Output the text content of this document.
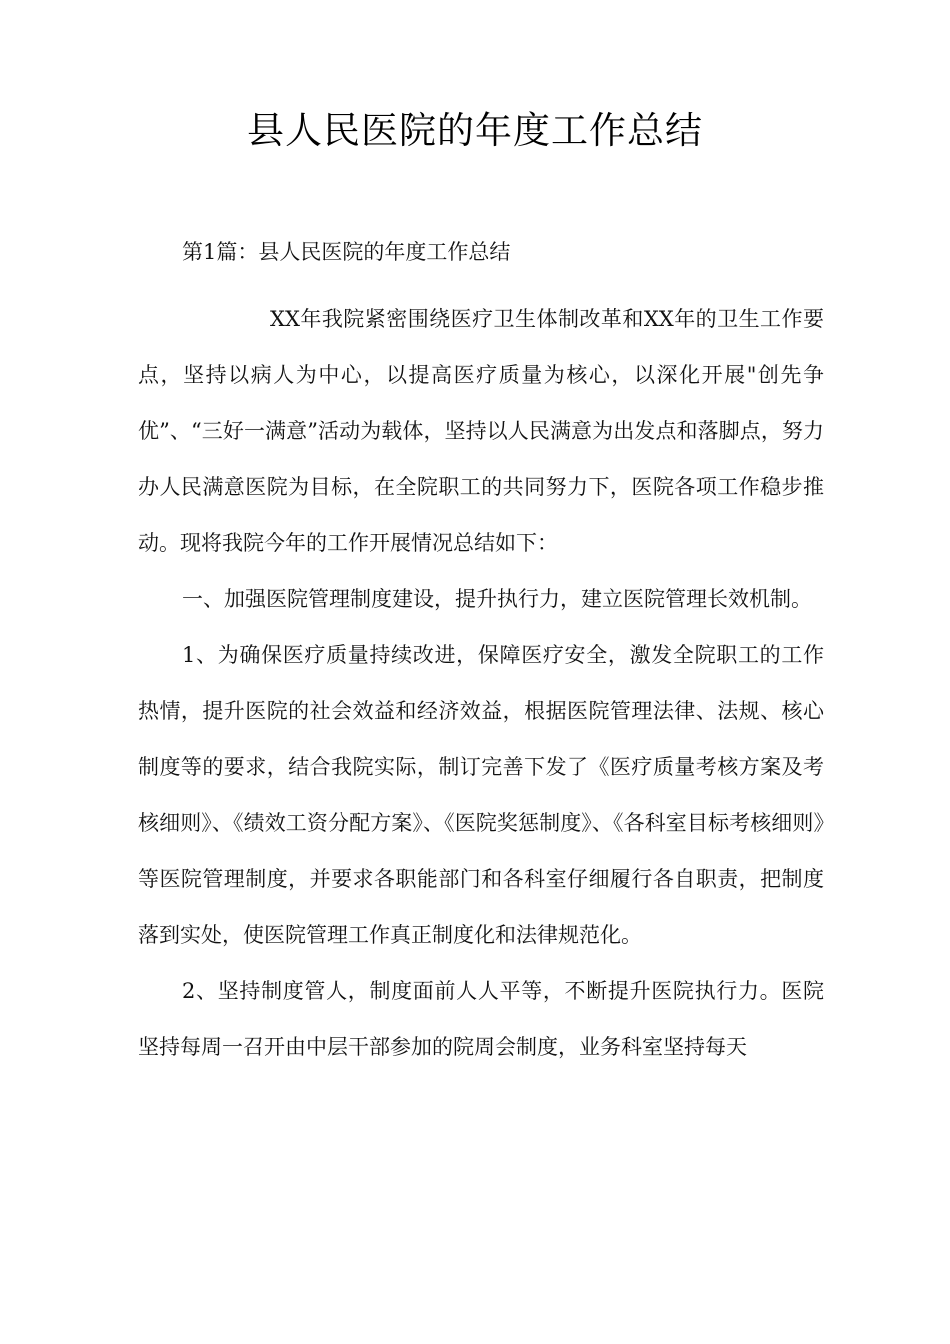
县人民医院的年度工作总结

第1篇：县人民医院的年度工作总结

XX年我院紧密围绕医疗卫生体制改革和XX年的卫生工作要点，坚持以病人为中心，以提高医疗质量为核心，以深化开展"创先争优”、“三好一满意”活动为载体，坚持以人民满意为出发点和落脚点，努力办人民满意医院为目标，在全院职工的共同努力下，医院各项工作稳步推动。现将我院今年的工作开展情况总结如下：

一、加强医院管理制度建设，提升执行力，建立医院管理长效机制。

1、为确保医疗质量持续改进，保障医疗安全，激发全院职工的工作热情，提升医院的社会效益和经济效益，根据医院管理法律、法规、核心制度等的要求，结合我院实际，制订完善下发了《医疗质量考核方案及考核细则》、《绩效工资分配方案》、《医院奖惩制度》、《各科室目标考核细则》等医院管理制度，并要求各职能部门和各科室仔细履行各自职责，把制度落到实处，使医院管理工作真正制度化和法律规范化。

2、坚持制度管人，制度面前人人平等，不断提升医院执行力。医院坚持每周一召开由中层干部参加的院周会制度，业务科室坚持每天
